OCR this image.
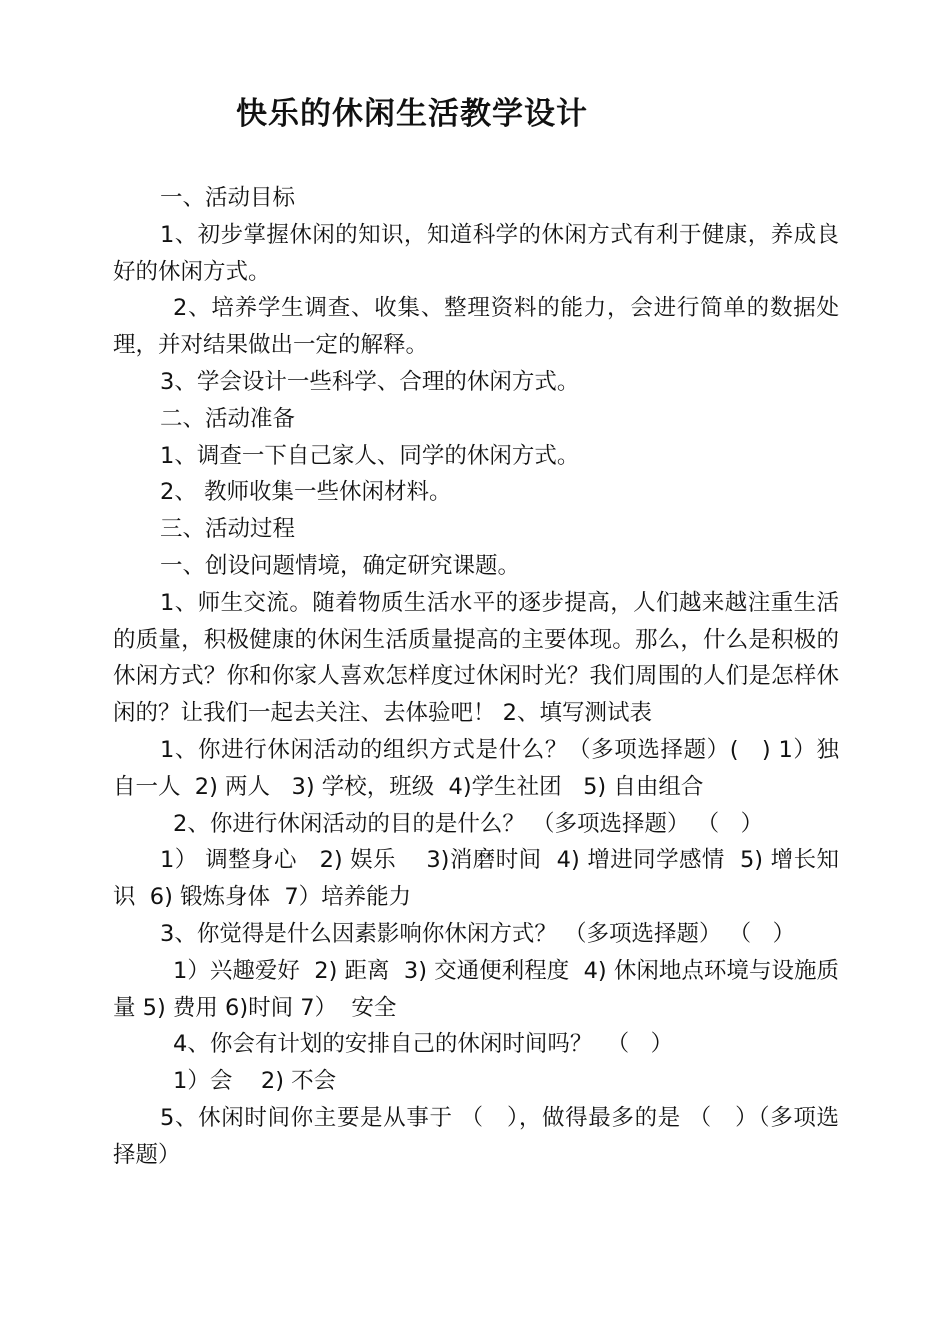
快乐的休闲生活教学设计

一、活动目标

1、初步掌握休闲的知识，知道科学的休闲方式有利于健康，养成良好的休闲方式。

2、培养学生调查、收集、整理资料的能力，会进行简单的数据处理，并对结果做出一定的解释。

3、学会设计一些科学、合理的休闲方式。

二、活动准备

1、调查一下自己家人、同学的休闲方式。

2、 教师收集一些休闲材料。

三、活动过程

一、创设问题情境，确定研究课题。

1、师生交流。随着物质生活水平的逐步提高，人们越来越注重生活的质量，积极健康的休闲生活质量提高的主要体现。那么，什么是积极的休闲方式？你和你家人喜欢怎样度过休闲时光？我们周围的人们是怎样休闲的？让我们一起去关注、去体验吧！ 2、填写测试表

1、你进行休闲活动的组织方式是什么？（多项选择题）(   ) 1）独自一人  2) 两人   3) 学校，班级  4)学生社团   5) 自由组合

2、你进行休闲活动的目的是什么？ （多项选择题） （   ）

1） 调整身心   2) 娱乐    3)消磨时间  4) 增进同学感情  5) 增长知识  6) 锻炼身体  7）培养能力

3、你觉得是什么因素影响你休闲方式？ （多项选择题） （   ）

1）兴趣爱好  2) 距离  3) 交通便利程度  4) 休闲地点环境与设施质量 5) 费用 6)时间 7）  安全

4、你会有计划的安排自己的休闲时间吗？  （   ）

1）会    2) 不会

5、休闲时间你主要是从事于 （   ），做得最多的是 （   ）（多项选择题）
